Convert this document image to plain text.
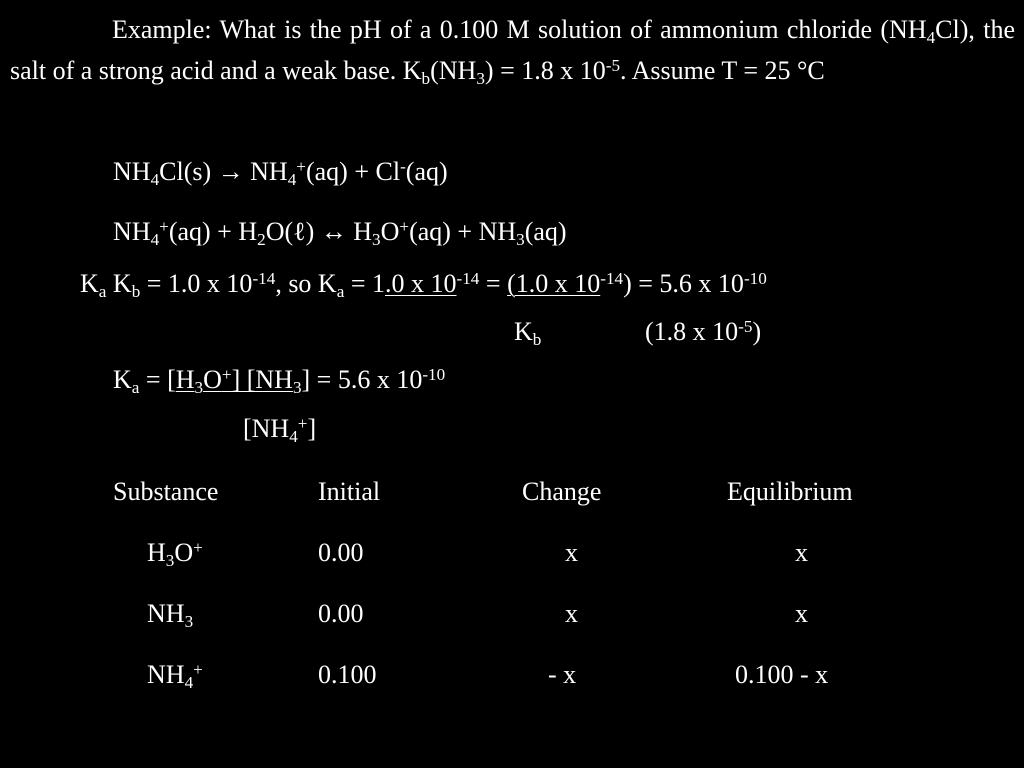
Example: What is the pH of a 0.100 M solution of ammonium chloride $(NH_4Cl)$, the salt of a strong acid and a weak base. $K_b(NH_3) = 1.8$ x $10^{-5}$. Assume T = 25 °C
$NH_4Cl(s) \to NH_4^+(aq) + Cl^-(aq)$
$NH_4^+(aq)$ + $H_2O(\ell)$ ↔ $H_3O^+(aq) + NH_3(aq)$
$K_a$ $K_b = 1.0$ x $10^{-14}$, so $K_a = 1.0$ x $10^{-14} = (1.0$ x $10^{-14}) = 5.6$ x $10^{-10}$
$K_b$	(1.8 x $10^{-5}$)
$K_a = [H_3O^+] [NH_3] = 5.6$ x $10^{-10}$
$[NH_4^+]$
Substance	Initial	Change	Equilibrium
$H_3O^+$	0.00	x	x
$NH_3$	0.00	x	x
$NH_4^+$	0.100	- x	0.100 - x
